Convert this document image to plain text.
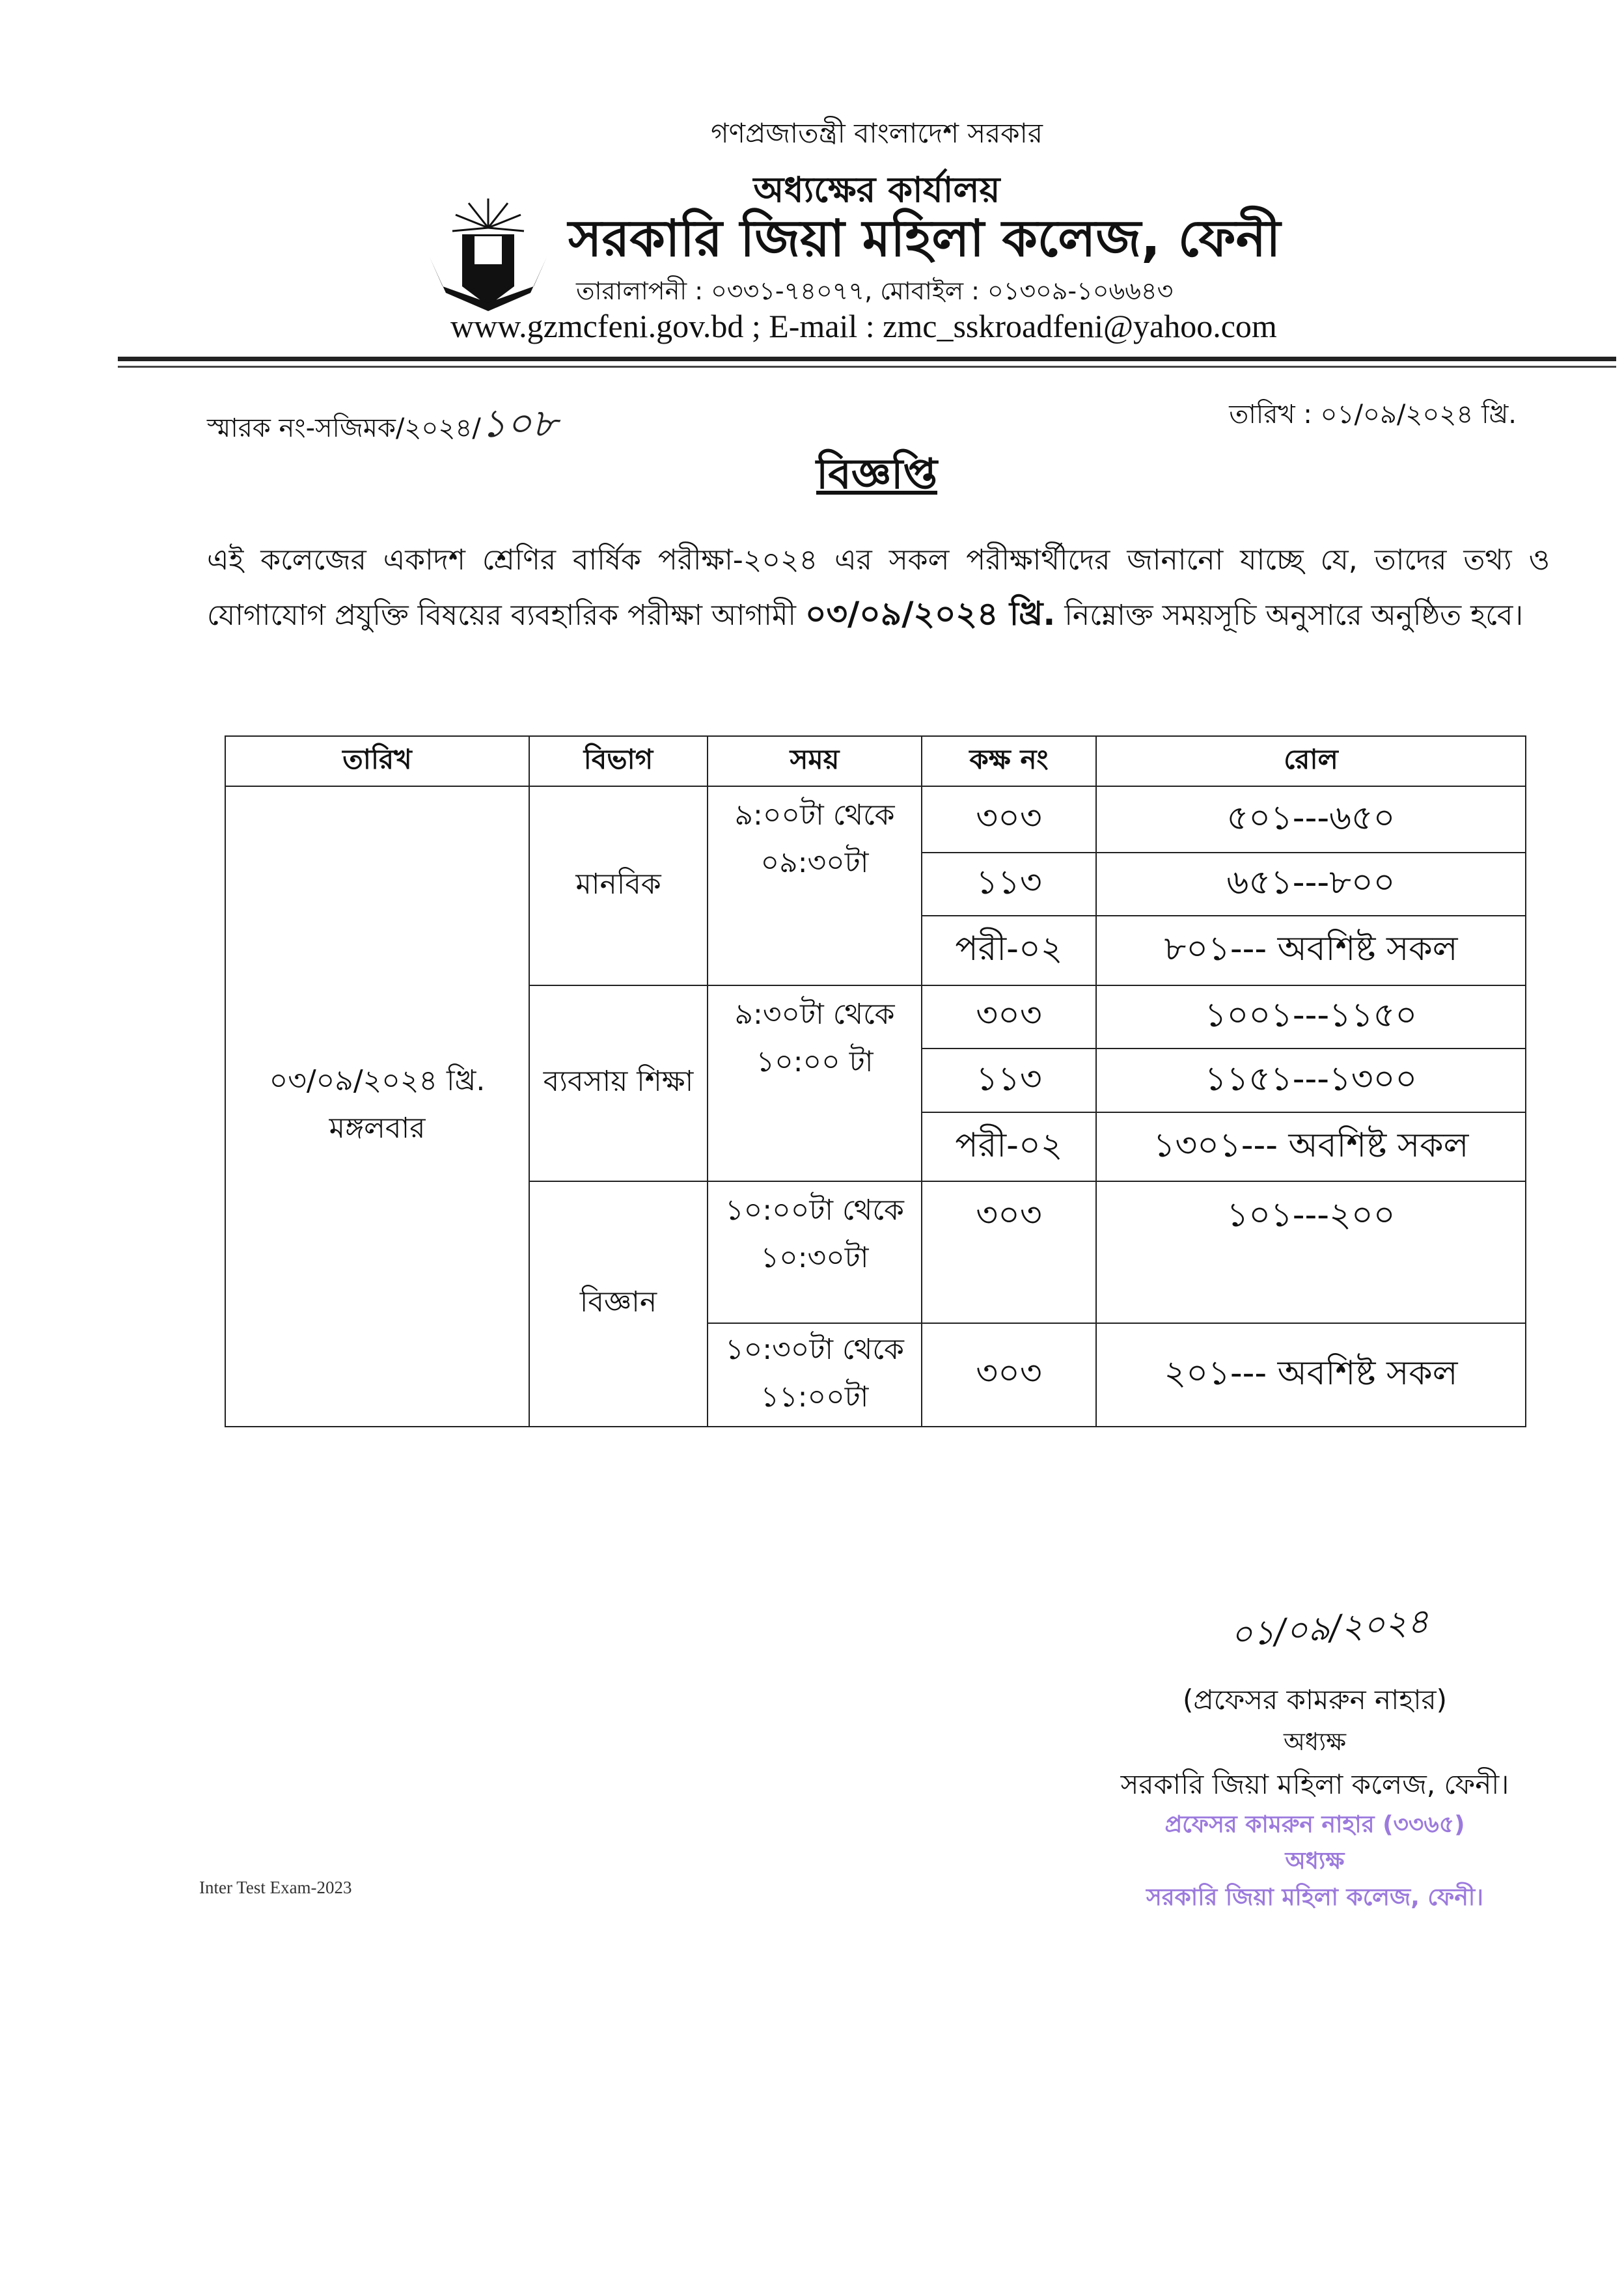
গণপ্রজাতন্ত্রী বাংলাদেশ সরকার
অধ্যক্ষের কার্যালয়
সরকারি জিয়া মহিলা কলেজ, ফেনী
তারালাপনী : ০৩৩১-৭৪০৭৭, মোবাইল : ০১৩০৯-১০৬৬৪৩
www.gzmcfeni.gov.bd ; E-mail : zmc_sskroadfeni@yahoo.com
স্মারক নং-সজিমক/২০২৪/১০৮	তারিখ : ০১/০৯/২০২৪ খ্রি.
বিজ্ঞপ্তি
এই কলেজের একাদশ শ্রেণির বার্ষিক পরীক্ষা-২০২৪ এর সকল পরীক্ষার্থীদের জানানো যাচ্ছে যে, তাদের তথ্য ও যোগাযোগ প্রযুক্তি বিষয়ের ব্যবহারিক পরীক্ষা আগামী ০৩/০৯/২০২৪ খ্রি. নিম্নোক্ত সময়সূচি অনুসারে অনুষ্ঠিত হবে।
তারিখ	বিভাগ	সময়	কক্ষ নং	রোল

০৩/০৯/২০২৪ খ্রি.
মঙ্গলবার	মানবিক	৯:০০টা থেকে ০৯:৩০টা	৩০৩	৫০১---৬৫০
			১১৩	৬৫১---৮০০
			পরী-০২	৮০১--- অবশিষ্ট সকল
	ব্যবসায় শিক্ষা	৯:৩০টা থেকে ১০:০০ টা	৩০৩	১০০১---১১৫০
			১১৩	১১৫১---১৩০০
			পরী-০২	১৩০১--- অবশিষ্ট সকল
	বিজ্ঞান	১০:০০টা থেকে ১০:৩০টা	৩০৩	১০১---২০০
		১০:৩০টা থেকে ১১:০০টা	৩০৩	২০১--- অবশিষ্ট সকল
০১/০৯/২০২৪
(প্রফেসর কামরুন নাহার)
অধ্যক্ষ
সরকারি জিয়া মহিলা কলেজ, ফেনী।
প্রফেসর কামরুন নাহার (৩৩৬৫)
অধ্যক্ষ
সরকারি জিয়া মহিলা কলেজ, ফেনী।
Inter Test Exam-2023
